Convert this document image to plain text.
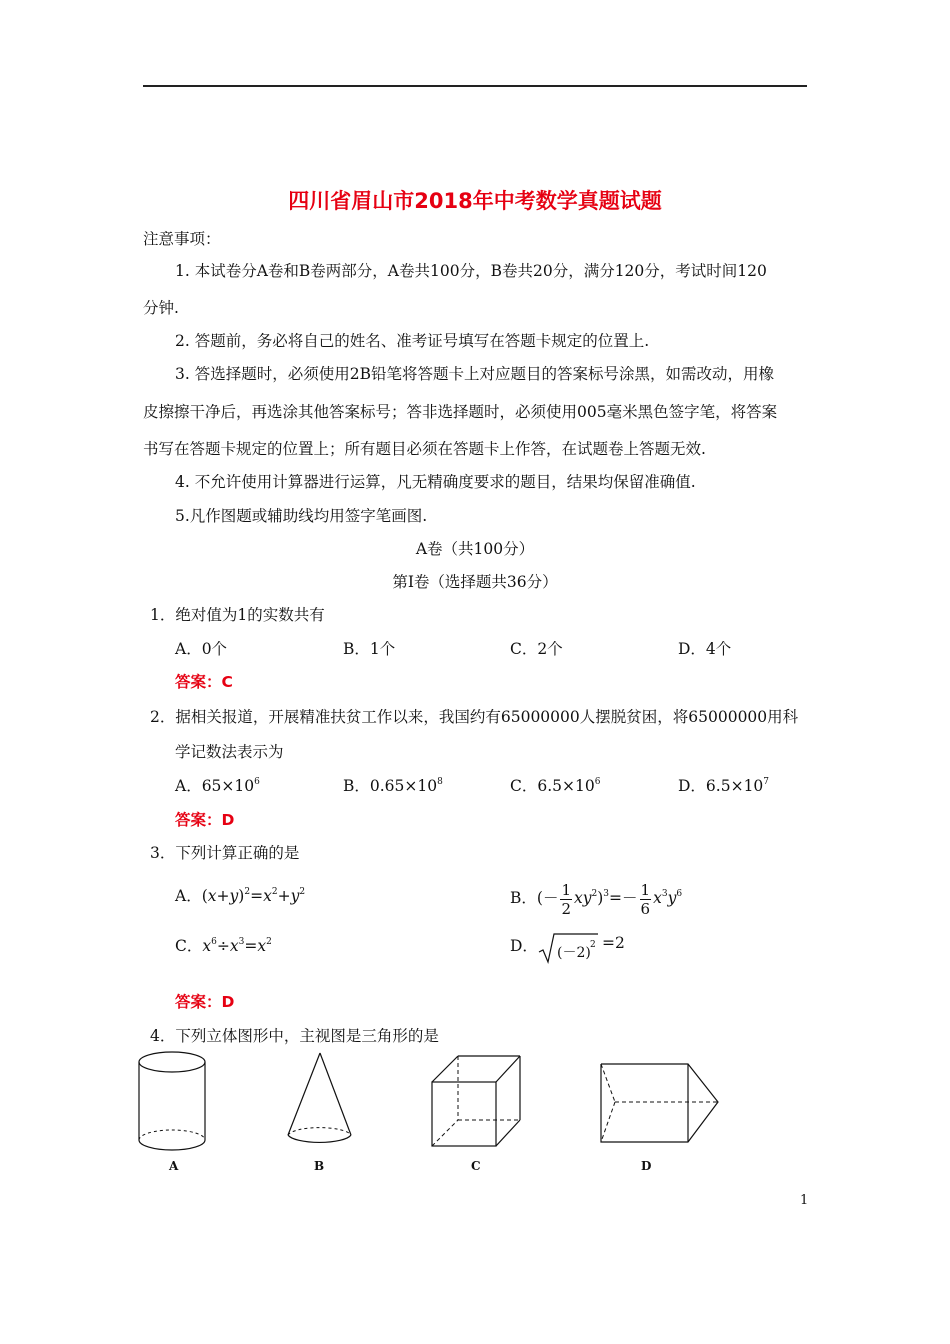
四川省眉山市2018年中考数学真题试题
注意事项：
1. 本试卷分A卷和B卷两部分，A卷共100分，B卷共20分，满分120分，考试时间120
分钟.
2. 答题前，务必将自己的姓名、准考证号填写在答题卡规定的位置上.
3. 答选择题时，必须使用2B铅笔将答题卡上对应题目的答案标号涂黑，如需改动，用橡
皮擦擦干净后，再选涂其他答案标号；答非选择题时，必须使用005毫米黑色签字笔，将答案
书写在答题卡规定的位置上；所有题目必须在答题卡上作答，在试题卷上答题无效.
4. 不允许使用计算器进行运算，凡无精确度要求的题目，结果均保留准确值.
5.凡作图题或辅助线均用签字笔画图.
A卷（共100分）
第Ⅰ卷（选择题共36分）
1．绝对值为1的实数共有
A．0个	B．1个	C．2个	D．4个
答案：C
2．据相关报道，开展精准扶贫工作以来，我国约有65000000人摆脱贫困，将65000000用科
学记数法表示为
A．$65\times 10^6$	B．$0.65\times 10^8$	C．$6.5\times 10^6$	D．$6.5\times 10^7$
答案：D
3．下列计算正确的是
A．$(x+y)^2=x^2+y^2$	B．(－ $\frac{1}{2} xy^2)^3=- \frac{1}{6} x^3y^6$
C．$x^6\div x^3=x^2$	D． (－2) 2 =2
答案：D
4．下列立体图形中，主视图是三角形的是
A	B	C	D
1
